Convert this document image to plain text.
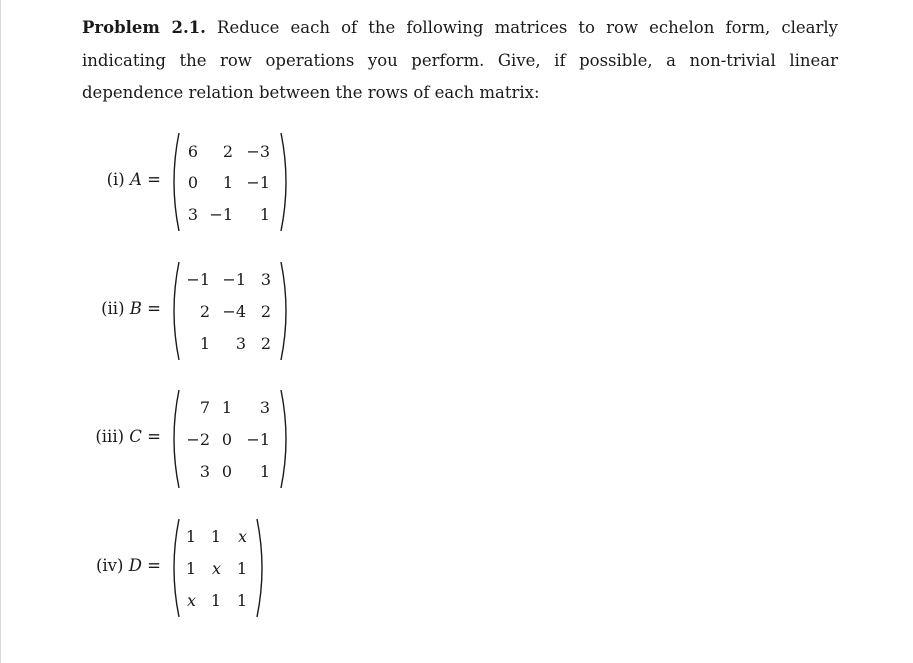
Problem 2.1. Reduce each of the following matrices to row echelon form, clearly indicating the row operations you perform. Give, if possible, a non-trivial linear dependence relation between the rows of each matrix:
(i) A =
6	2 −3
0	1 −1
3 −1	1
(ii) B =
−1 −1 3
2 −4 2
1	3 2
(iii) C =
7 1	3
−2 0 −1
3 0	1
(iv) D =
1 1	x
1 x 1
x 1 1
